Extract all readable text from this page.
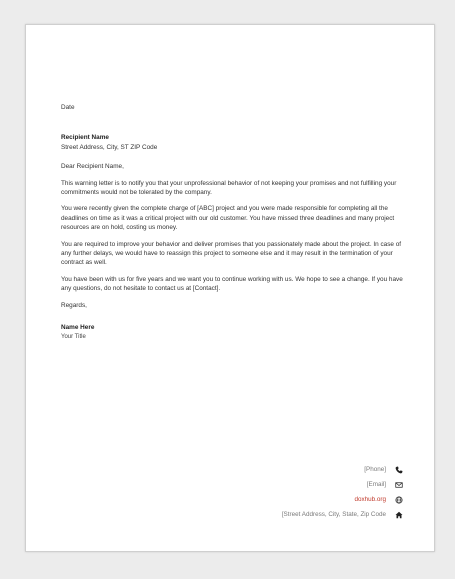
Date

Recipient Name

Street Address, City, ST ZIP Code

Dear Recipient Name,

This warning letter is to notify you that your unprofessional behavior of not keeping your promises and not fulfilling your commitments would not be tolerated by the company.

You were recently given the complete charge of [ABC] project and you were made responsible for completing all the deadlines on time as it was a critical project with our old customer. You have missed three deadlines and many project resources are on hold, costing us money.

You are required to improve your behavior and deliver promises that you passionately made about the project. In case of any further delays, we would have to reassign this project to someone else and it may result in the termination of your contract as well.

You have been with us for five years and we want you to continue working with us. We hope to see a change. If you have any questions, do not hesitate to contact us at [Contact].

Regards,

Name Here

Your Title

[Phone]
[Email]
doxhub.org
[Street Address, City, State, Zip Code
